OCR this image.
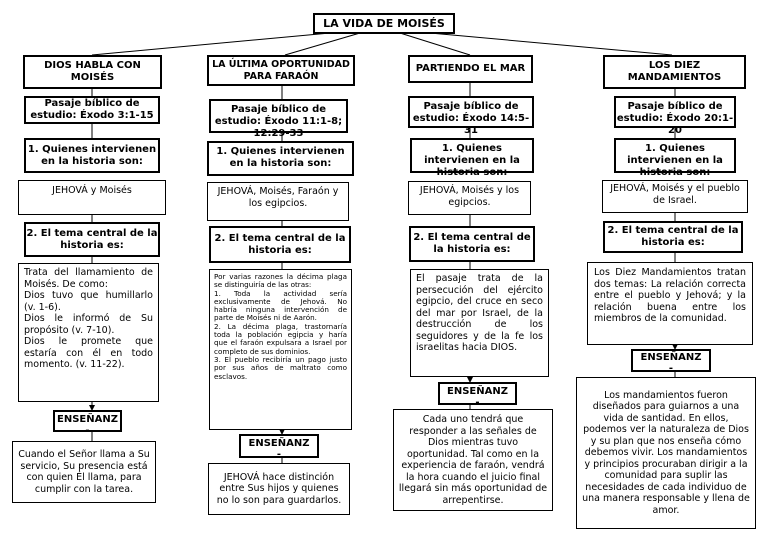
LA VIDA DE MOISÉS
DIOS HABLA CON MOISÉS
Pasaje bíblico de estudio: Éxodo 3:1-15
1. Quienes intervienen en la historia son:
JEHOVÁ y Moisés
2. El tema central de la historia es:
Trata del llamamiento de Moisés. De como:
Dios tuvo que humillarlo (v. 1-6).
Dios le informó de Su propósito (v. 7-10).
Dios le promete que estaría con él en todo momento. (v. 11-22).
ENSEÑANZ
-
Cuando el Señor llama a Su servicio, Su presencia está con quien Él llama, para cumplir con la tarea.
LA ÚLTIMA OPORTUNIDAD PARA FARAÓN
Pasaje bíblico de estudio: Éxodo 11:1-8; 12:29-33
1. Quienes intervienen en la historia son:
JEHOVÁ, Moisés, Faraón y los egipcios.
2. El tema central de la historia es:
Por varias razones la décima plaga se distinguiría de las otras:
1. Toda la actividad sería exclusivamente de Jehová. No habría ninguna intervención de parte de Moisés ni de Aarón.
2. La décima plaga, trastornaría toda la población egipcia y haría que el faraón expulsara a Israel por completo de sus dominios.
3. El pueblo recibiría un pago justo por sus años de maltrato como esclavos.
ENSEÑANZ
-
JEHOVÁ hace distinción entre Sus hijos y quienes no lo son para guardarlos.
PARTIENDO EL MAR
Pasaje bíblico de estudio: Éxodo 14:5-31
1. Quienes intervienen en la historia son:
JEHOVÁ, Moisés y los egipcios.
2. El tema central de la historia es:
El pasaje trata de la persecución del ejército egipcio, del cruce en seco del mar por Israel, de la destrucción de los seguidores y de la fe los israelitas hacia DIOS.
ENSEÑANZ
-
Cada uno tendrá que responder a las señales de Dios mientras tuvo oportunidad. Tal como en la experiencia de faraón, vendrá la hora cuando el juicio final llegará sin más oportunidad de arrepentirse.
LOS DIEZ MANDAMIENTOS
Pasaje bíblico de estudio: Éxodo 20:1-20
1. Quienes intervienen en la historia son:
JEHOVÁ, Moisés y el pueblo de Israel.
2. El tema central de la historia es:
Los Diez Mandamientos tratan dos temas: La relación correcta entre el pueblo y Jehová; y la relación buena entre los miembros de la comunidad.
ENSEÑANZ
-
Los mandamientos fueron diseñados para guiarnos a una vida de santidad. En ellos, podemos ver la naturaleza de Dios y su plan que nos enseña cómo debemos vivir. Los mandamientos y principios procuraban dirigir a la comunidad para suplir las necesidades de cada individuo de una manera responsable y llena de amor.
